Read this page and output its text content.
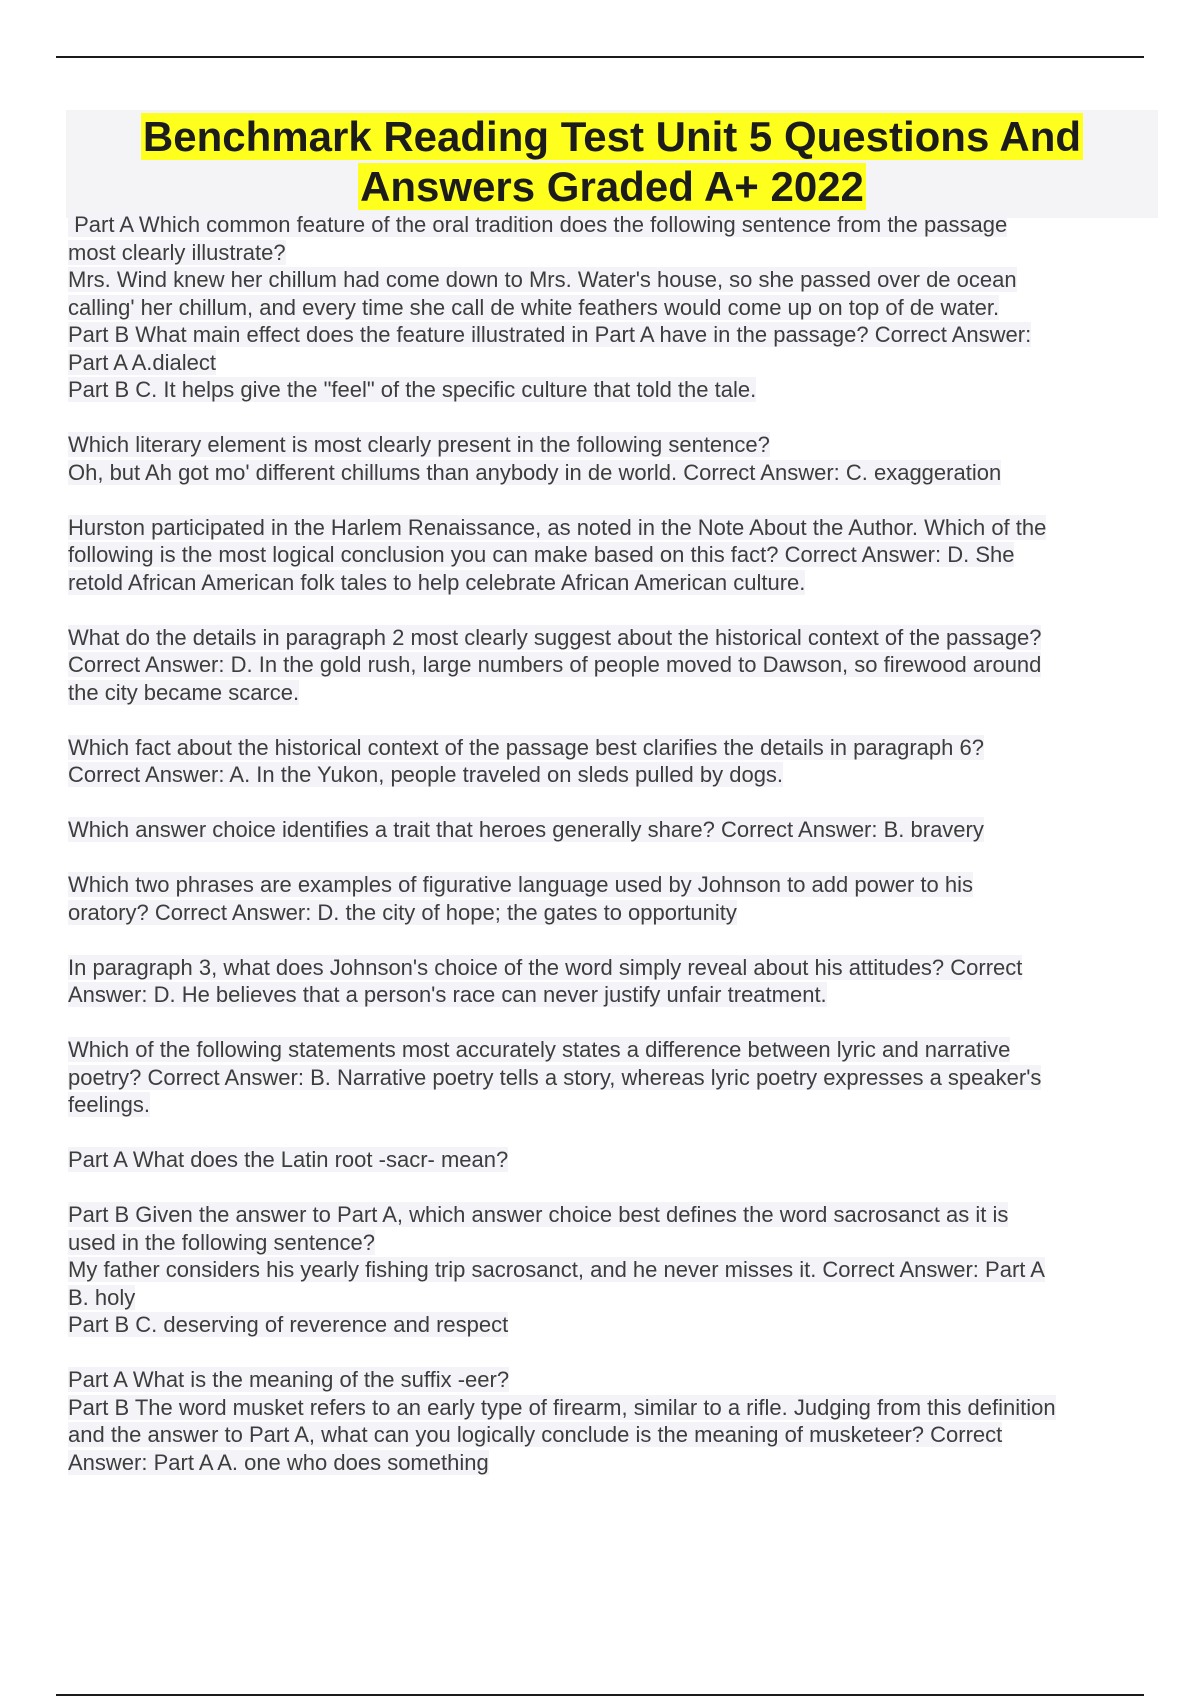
Benchmark Reading Test Unit 5 Questions And
Answers Graded A+ 2022
Part A Which common feature of the oral tradition does the following sentence from the passage
most clearly illustrate?
Mrs. Wind knew her chillum had come down to Mrs. Water's house, so she passed over de ocean
calling' her chillum, and every time she call de white feathers would come up on top of de water.
Part B What main effect does the feature illustrated in Part A have in the passage? Correct Answer:
Part A A.dialect
Part B C. It helps give the "feel" of the specific culture that told the tale.
Which literary element is most clearly present in the following sentence?
Oh, but Ah got mo' different chillums than anybody in de world. Correct Answer: C. exaggeration
Hurston participated in the Harlem Renaissance, as noted in the Note About the Author. Which of the
following is the most logical conclusion you can make based on this fact? Correct Answer: D. She
retold African American folk tales to help celebrate African American culture.
What do the details in paragraph 2 most clearly suggest about the historical context of the passage?
Correct Answer: D. In the gold rush, large numbers of people moved to Dawson, so firewood around
the city became scarce.
Which fact about the historical context of the passage best clarifies the details in paragraph 6?
Correct Answer: A. In the Yukon, people traveled on sleds pulled by dogs.
Which answer choice identifies a trait that heroes generally share? Correct Answer: B. bravery
Which two phrases are examples of figurative language used by Johnson to add power to his
oratory? Correct Answer: D. the city of hope; the gates to opportunity
In paragraph 3, what does Johnson's choice of the word simply reveal about his attitudes? Correct
Answer: D. He believes that a person's race can never justify unfair treatment.
Which of the following statements most accurately states a difference between lyric and narrative
poetry? Correct Answer: B. Narrative poetry tells a story, whereas lyric poetry expresses a speaker's
feelings.
Part A What does the Latin root -sacr- mean?
Part B Given the answer to Part A, which answer choice best defines the word sacrosanct as it is
used in the following sentence?
My father considers his yearly fishing trip sacrosanct, and he never misses it. Correct Answer: Part A
B. holy
Part B C. deserving of reverence and respect
Part A What is the meaning of the suffix -eer?
Part B The word musket refers to an early type of firearm, similar to a rifle. Judging from this definition
and the answer to Part A, what can you logically conclude is the meaning of musketeer? Correct
Answer: Part A A. one who does something
